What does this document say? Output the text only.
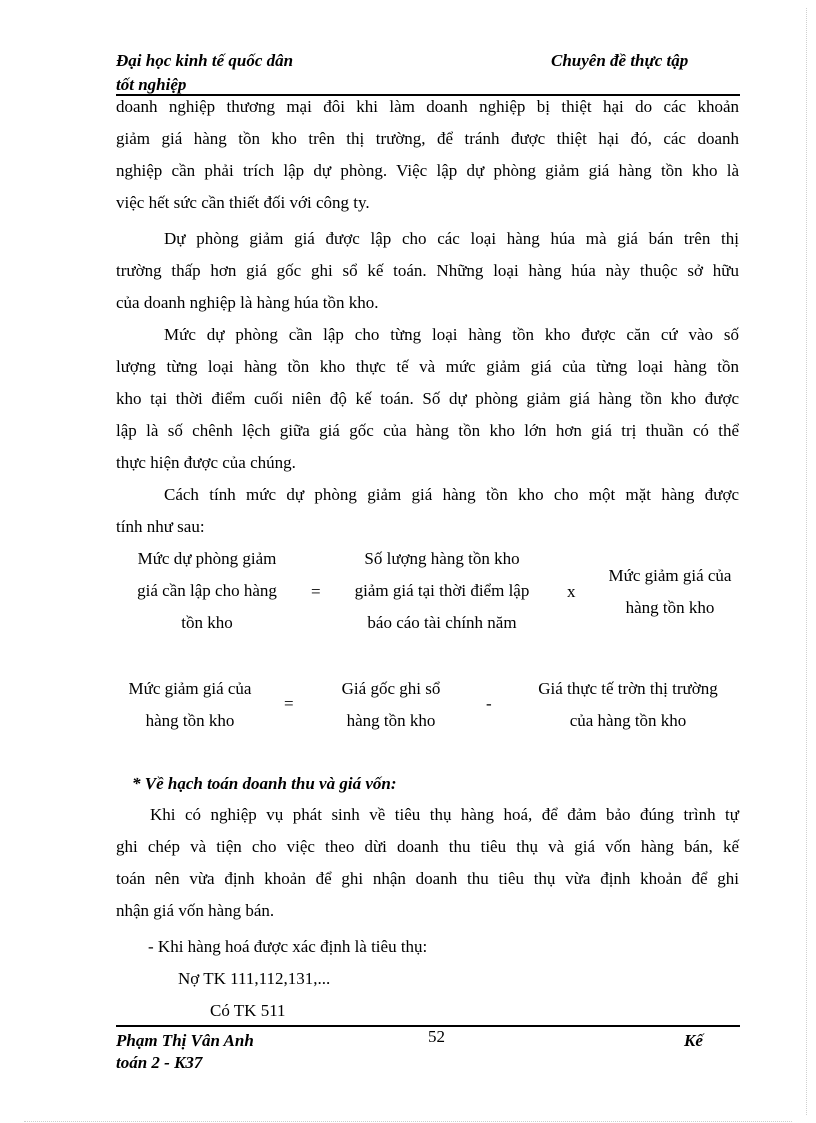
Đại học kinh tế quốc dân
tốt nghiệp
Chuyên đề thực tập
doanh nghiệp thương mại đôi khi làm doanh nghiệp bị thiệt hại do các khoản
giảm giá hàng tồn kho trên thị trường, để tránh được thiệt hại đó, các doanh
nghiệp cần phải trích lập dự phòng. Việc lập dự phòng giảm giá hàng tồn kho là
việc hết sức cần thiết đối với công ty.
Dự phòng giảm giá được lập cho các loại hàng húa mà giá bán trên thị
trường thấp hơn giá gốc ghi sổ kế toán. Những loại hàng húa này thuộc sở hữu
của doanh nghiệp là hàng húa tồn kho.
Mức dự phòng cần lập cho từng loại hàng tồn kho được căn cứ vào số
lượng từng loại hàng tồn kho thực tế và mức giảm giá của từng loại hàng tồn
kho tại thời điểm cuối niên độ kế toán. Số dự phòng giảm giá hàng tồn kho được
lập là số chênh lệch giữa giá gốc của hàng tồn kho lớn hơn giá trị thuần có thể
thực hiện được của chúng.
Cách tính mức dự phòng giảm giá hàng tồn kho cho một mặt hàng được
tính như sau:
Mức dự phòng giảm
giá cần lập cho hàng
tồn kho
=
Số lượng hàng tồn kho
giảm giá tại thời điểm lập
báo cáo tài chính năm
x
Mức giảm giá của
hàng tồn kho
Mức giảm giá của
hàng tồn kho
=
Giá gốc ghi sổ
hàng tồn kho
-
Giá thực tế trờn thị trường
của hàng tồn kho
* Về hạch toán doanh thu và giá vốn:
Khi có nghiệp vụ phát sinh về tiêu thụ hàng hoá, để đảm bảo đúng trình tự
ghi chép và tiện cho việc theo dừi doanh thu tiêu thụ và giá vốn hàng bán, kế
toán nên vừa định khoản để ghi nhận doanh thu tiêu thụ vừa định khoản để ghi
nhận giá vốn hàng bán.
- Khi hàng hoá được xác định là tiêu thụ:
Nợ TK 111,112,131,...
Có TK 511
Phạm Thị Vân Anh
toán 2 - K37
52	Kế
